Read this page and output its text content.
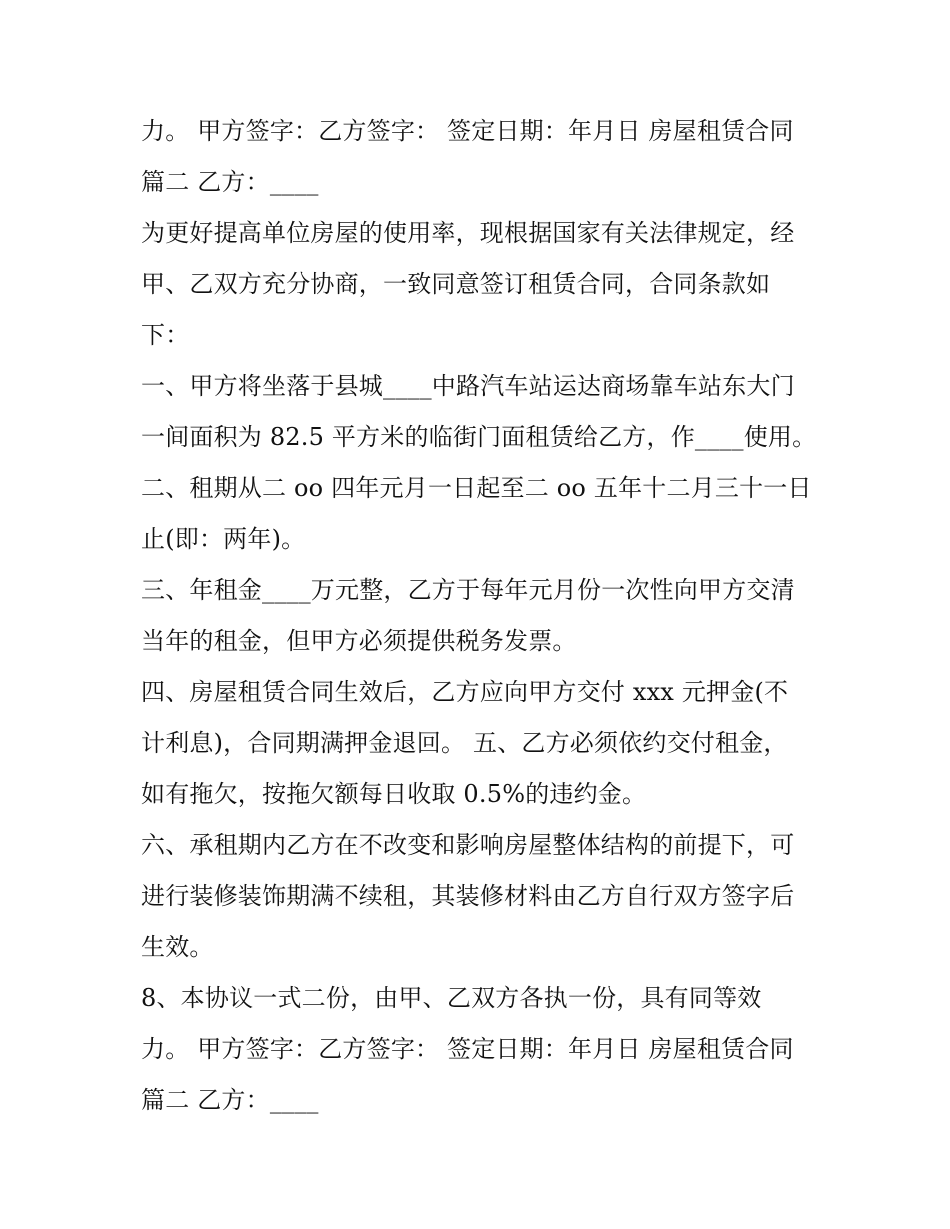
力。 甲方签字：乙方签字： 签定日期：年月日 房屋租赁合同
篇二 乙方：____
为更好提高单位房屋的使用率，现根据国家有关法律规定，经
甲、乙双方充分协商，一致同意签订租赁合同，合同条款如
下：
一、甲方将坐落于县城____中路汽车站运达商场靠车站东大门
一间面积为 82.5 平方米的临街门面租赁给乙方，作____使用。
二、租期从二 oo 四年元月一日起至二 oo 五年十二月三十一日
止(即：两年)。
三、年租金____万元整，乙方于每年元月份一次性向甲方交清
当年的租金，但甲方必须提供税务发票。
四、房屋租赁合同生效后，乙方应向甲方交付 xxx 元押金(不
计利息)，合同期满押金退回。 五、乙方必须依约交付租金，
如有拖欠，按拖欠额每日收取 0.5%的违约金。
六、承租期内乙方在不改变和影响房屋整体结构的前提下，可
进行装修装饰期满不续租，其装修材料由乙方自行双方签字后
生效。
8、本协议一式二份，由甲、乙双方各执一份，具有同等效
力。 甲方签字：乙方签字： 签定日期：年月日 房屋租赁合同
篇二 乙方：____
